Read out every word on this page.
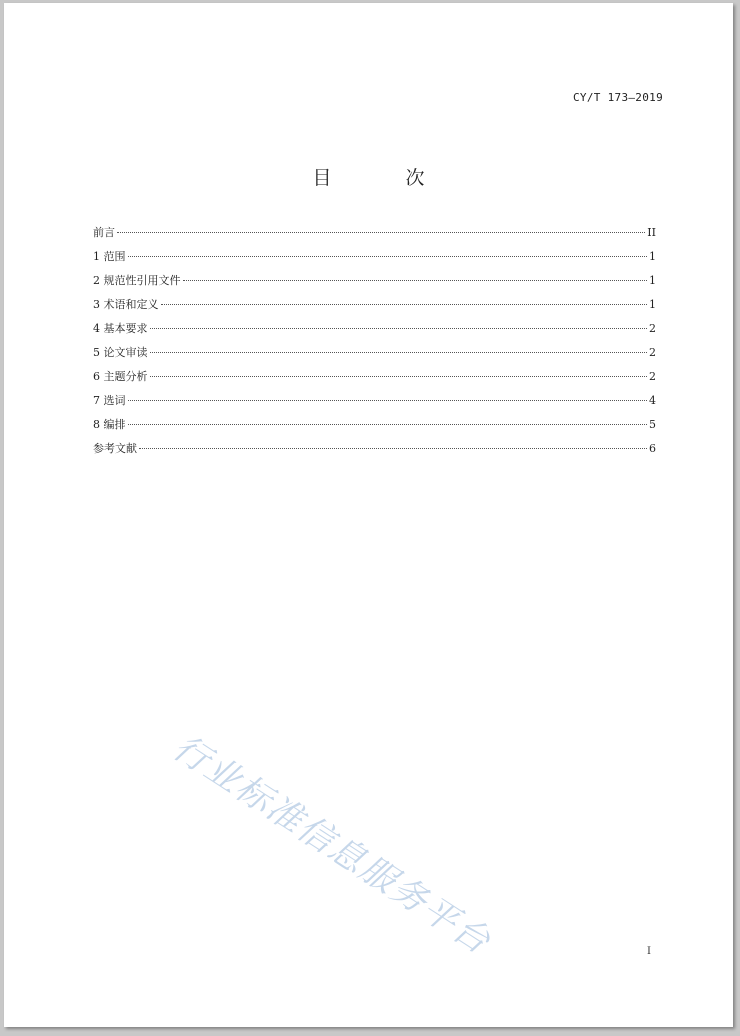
CY/T 173—2019
目 次
前言	II
1 范围	1
2 规范性引用文件	1
3 术语和定义	1
4 基本要求	2
5 论文审读	2
6 主题分析	2
7 选词	4
8 编排	5
参考文献	6
行业标准信息服务平台	I
